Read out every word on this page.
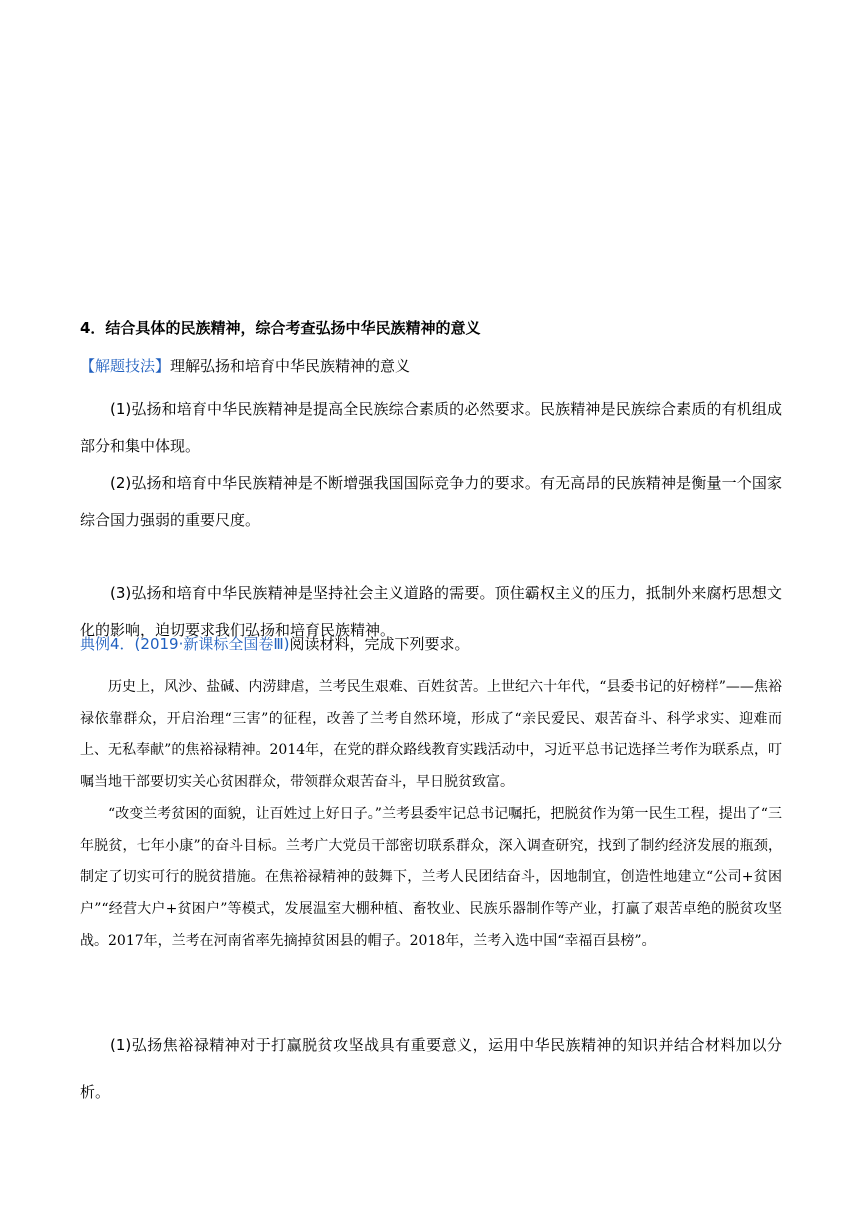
4．结合具体的民族精神，综合考查弘扬中华民族精神的意义
【解题技法】理解弘扬和培育中华民族精神的意义

(1)弘扬和培育中华民族精神是提高全民族综合素质的必然要求。民族精神是民族综合素质的有机组成部分和集中体现。

(2)弘扬和培育中华民族精神是不断增强我国国际竞争力的要求。有无高昂的民族精神是衡量一个国家综合国力强弱的重要尺度。

(3)弘扬和培育中华民族精神是坚持社会主义道路的需要。顶住霸权主义的压力，抵制外来腐朽思想文化的影响，迫切要求我们弘扬和培育民族精神。

典例4．(2019·新课标全国卷Ⅲ)阅读材料，完成下列要求。

历史上，风沙、盐碱、内涝肆虐，兰考民生艰难、百姓贫苦。上世纪六十年代，“县委书记的好榜样”——焦裕禄依靠群众，开启治理“三害”的征程，改善了兰考自然环境，形成了“亲民爱民、艰苦奋斗、科学求实、迎难而上、无私奉献”的焦裕禄精神。2014年，在党的群众路线教育实践活动中，习近平总书记选择兰考作为联系点，叮嘱当地干部要切实关心贫困群众，带领群众艰苦奋斗，早日脱贫致富。

“改变兰考贫困的面貌，让百姓过上好日子。”兰考县委牢记总书记嘱托，把脱贫作为第一民生工程，提出了“三年脱贫，七年小康”的奋斗目标。兰考广大党员干部密切联系群众，深入调查研究，找到了制约经济发展的瓶颈，制定了切实可行的脱贫措施。在焦裕禄精神的鼓舞下，兰考人民团结奋斗，因地制宜，创造性地建立“公司+贫困户”“经营大户+贫困户”等模式，发展温室大棚种植、畜牧业、民族乐器制作等产业，打赢了艰苦卓绝的脱贫攻坚战。2017年，兰考在河南省率先摘掉贫困县的帽子。2018年，兰考入选中国“幸福百县榜”。

(1)弘扬焦裕禄精神对于打赢脱贫攻坚战具有重要意义，运用中华民族精神的知识并结合材料加以分析。
